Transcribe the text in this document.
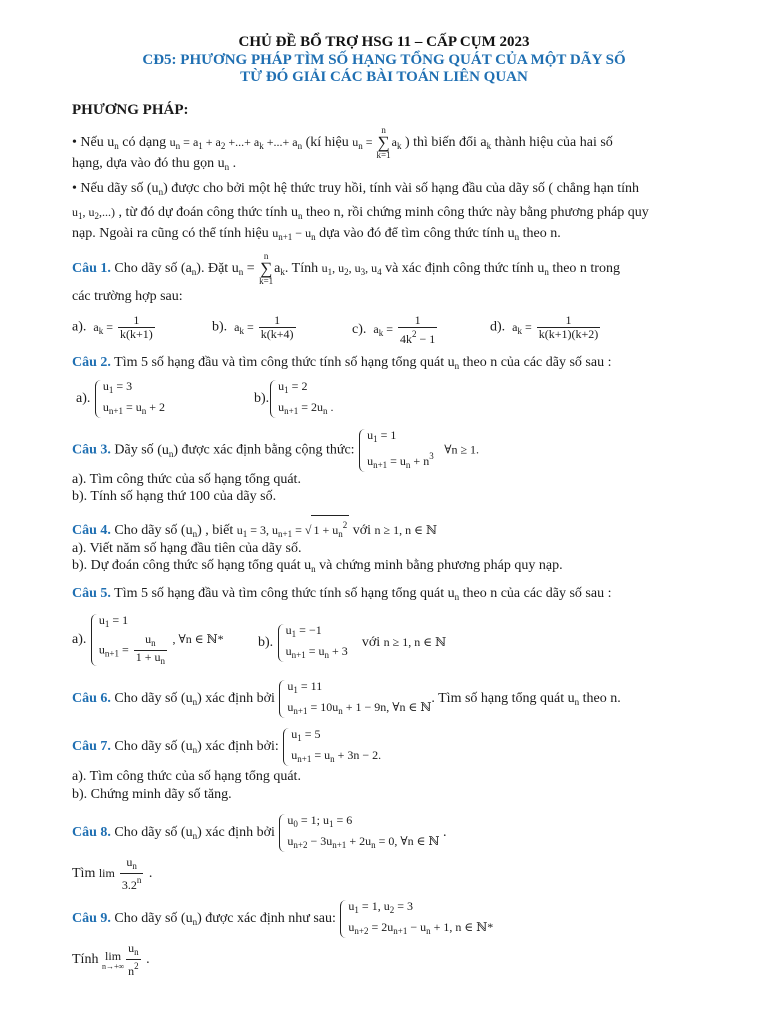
CHỦ ĐỀ BỔ TRỢ HSG 11 – CẤP CỤM 2023
CĐ5: PHƯƠNG PHÁP TÌM SỐ HẠNG TỔNG QUÁT CỦA MỘT DÃY SỐ
TỪ ĐÓ GIẢI CÁC BÀI TOÁN LIÊN QUAN
PHƯƠNG PHÁP:
• Nếu $u_n$ có dạng $u_n = a_1 + a_2$ +...+ $a_k$ +...+ $a_n$ (kí hiệu $u_n = n$
∑
$k=1a_k$ ) thì biến đổi $a_k$ thành hiệu của hai số
hạng, dựa vào đó thu gọn $u_n$ .
• Nếu dãy số $(u_n)$ được cho bởi một hệ thức truy hồi, tính vài số hạng đầu của dãy số ( chẳng hạn tính
$u_1$, $u_2$,...) , từ đó dự đoán công thức tính $u_n$ theo n, rồi chứng minh công thức này bằng phương pháp quy
nạp. Ngoài ra cũng có thể tính hiệu $u_{n+1} - u_n$ dựa vào đó để tìm công thức tính $u_n$ theo n.
Câu 1. Cho dãy số $(a_n)$. Đặt $u_n = n$
∑
$k=1a_k$. Tính $u_1$, $u_2$, $u_3$, $u_4$ và xác định công thức tính $u_n$ theo n trong
các trường hợp sau:
a). $a_k = \frac{1}{k(k+1)}$	b). $a_k = \frac{1}{k(k+4)}$	c). $a_k = \frac{1}{4k^2 - 1}$	d). $a_k = \frac{1}{k(k+1)(k+2)}$
Câu 2. Tìm 5 số hạng đầu và tìm công thức tính số hạng tổng quát $u_n$ theo n của các dãy số sau :
a).
$u_1 = 3$
$u_{n+1} = u_n + 2$
b).
$u_1 = 2$
$u_{n+1} = 2u_n$ .
Câu 3. Dãy số $(u_n)$ được xác định bằng cộng thức:
$u_1 = 1$
$u_{n+1} = u_n + n^3$ ∀n ≥ 1.
a). Tìm công thức của số hạng tổng quát.
b). Tính số hạng thứ 100 của dãy số.
Câu 4. Cho dãy số $(u_n)$ , biết $u_1 = 3$, $u_{n+1}$ = √ $1 + u_n^2$ với n ≥ 1, n ∈ ℕ
a). Viết năm số hạng đầu tiên của dãy số.
b). Dự đoán công thức số hạng tổng quát $u_n$ và chứng minh bằng phương pháp quy nạp.
Câu 5. Tìm 5 số hạng đầu và tìm công thức tính số hạng tổng quát $u_n$ theo n của các dãy số sau :
a).
$u_1 = 1$
$u_{n+1} = \frac{u_n}{1 + u_n}$ , ∀n ∈ ℕ* b).
$u_1 = -1$
$u_{n+1} = u_n + 3$
với n ≥ 1, n ∈ ℕ
Câu 6. Cho dãy số $(u_n)$ xác định bởi
$u_1 = 11$
$u_{n+1} = 10u_n + 1 - 9n$, ∀n ∈ ℕ
. Tìm số hạng tổng quát $u_n$ theo n.
Câu 7. Cho dãy số $(u_n)$ xác định bởi:
$u_1 = 5$
$u_{n+1} = u_n + 3n - 2$.
a). Tìm công thức của số hạng tổng quát.
b). Chứng minh dãy số tăng.
Câu 8. Cho dãy số $(u_n)$ xác định bởi
$u_0 = 1$; $u_1 = 6$
$u_{n+2} - 3u_{n+1} + 2u_n = 0$, ∀n ∈ ℕ
.
Tìm $\lim \frac{u_n}{3.2^n}$ .
Câu 9. Cho dãy số $(u_n)$ được xác định như sau:
$u_1 = 1$, $u_2 = 3$
$u_{n+2} = 2u_{n+1} - u_n + 1$, n ∈ ℕ*
Tính lim
$n\to+\infty \frac{u_n}{n^2}$ .
